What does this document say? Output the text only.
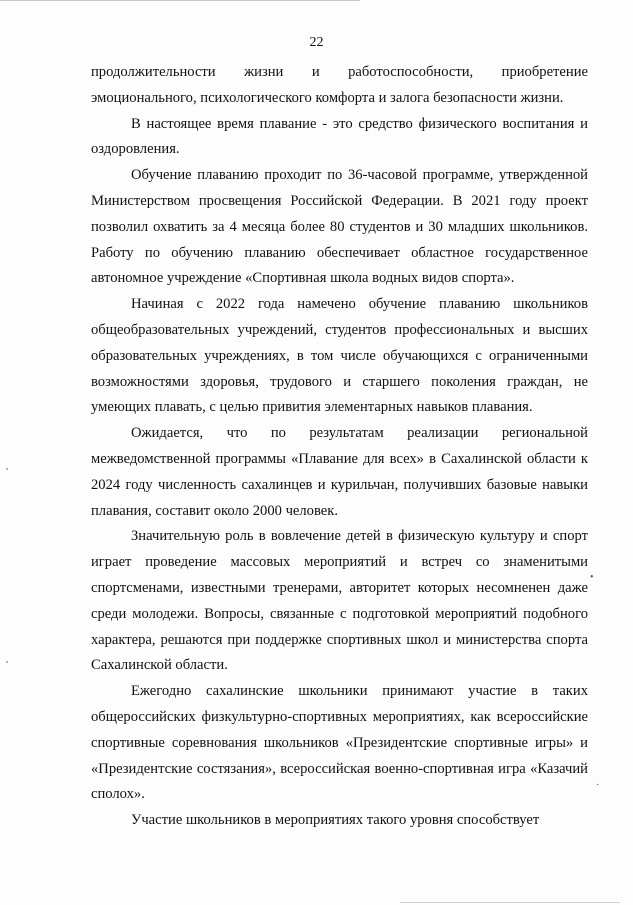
22

продолжительности жизни и работоспособности, приобретение эмоционального, психологического комфорта и залога безопасности жизни.

В настоящее время плавание - это средство физического воспитания и оздоровления.

Обучение плаванию проходит по 36-часовой программе, утвержденной Министерством просвещения Российской Федерации. В 2021 году проект позволил охватить за 4 месяца более 80 студентов и 30 младших школьников. Работу по обучению плаванию обеспечивает областное государственное автономное учреждение «Спортивная школа водных видов спорта».

Начиная с 2022 года намечено обучение плаванию школьников общеобразовательных учреждений, студентов профессиональных и высших образовательных учреждениях, в том числе обучающихся с ограниченными возможностями здоровья, трудового и старшего поколения граждан, не умеющих плавать, с целью привития элементарных навыков плавания.

Ожидается, что по результатам реализации региональной межведомственной программы «Плавание для всех» в Сахалинской области к 2024 году численность сахалинцев и курильчан, получивших базовые навыки плавания, составит около 2000 человек.

Значительную роль в вовлечение детей в физическую культуру и спорт играет проведение массовых мероприятий и встреч со знаменитыми спортсменами, известными тренерами, авторитет которых несомненен даже среди молодежи. Вопросы, связанные с подготовкой мероприятий подобного характера, решаются при поддержке спортивных школ и министерства спорта Сахалинской области.

Ежегодно сахалинские школьники принимают участие в таких общероссийских физкультурно-спортивных мероприятиях, как всероссийские спортивные соревнования школьников «Президентские спортивные игры» и «Президентские состязания», всероссийская военно-спортивная игра «Казачий сполох».

Участие школьников в мероприятиях такого уровня способствует

•
·
